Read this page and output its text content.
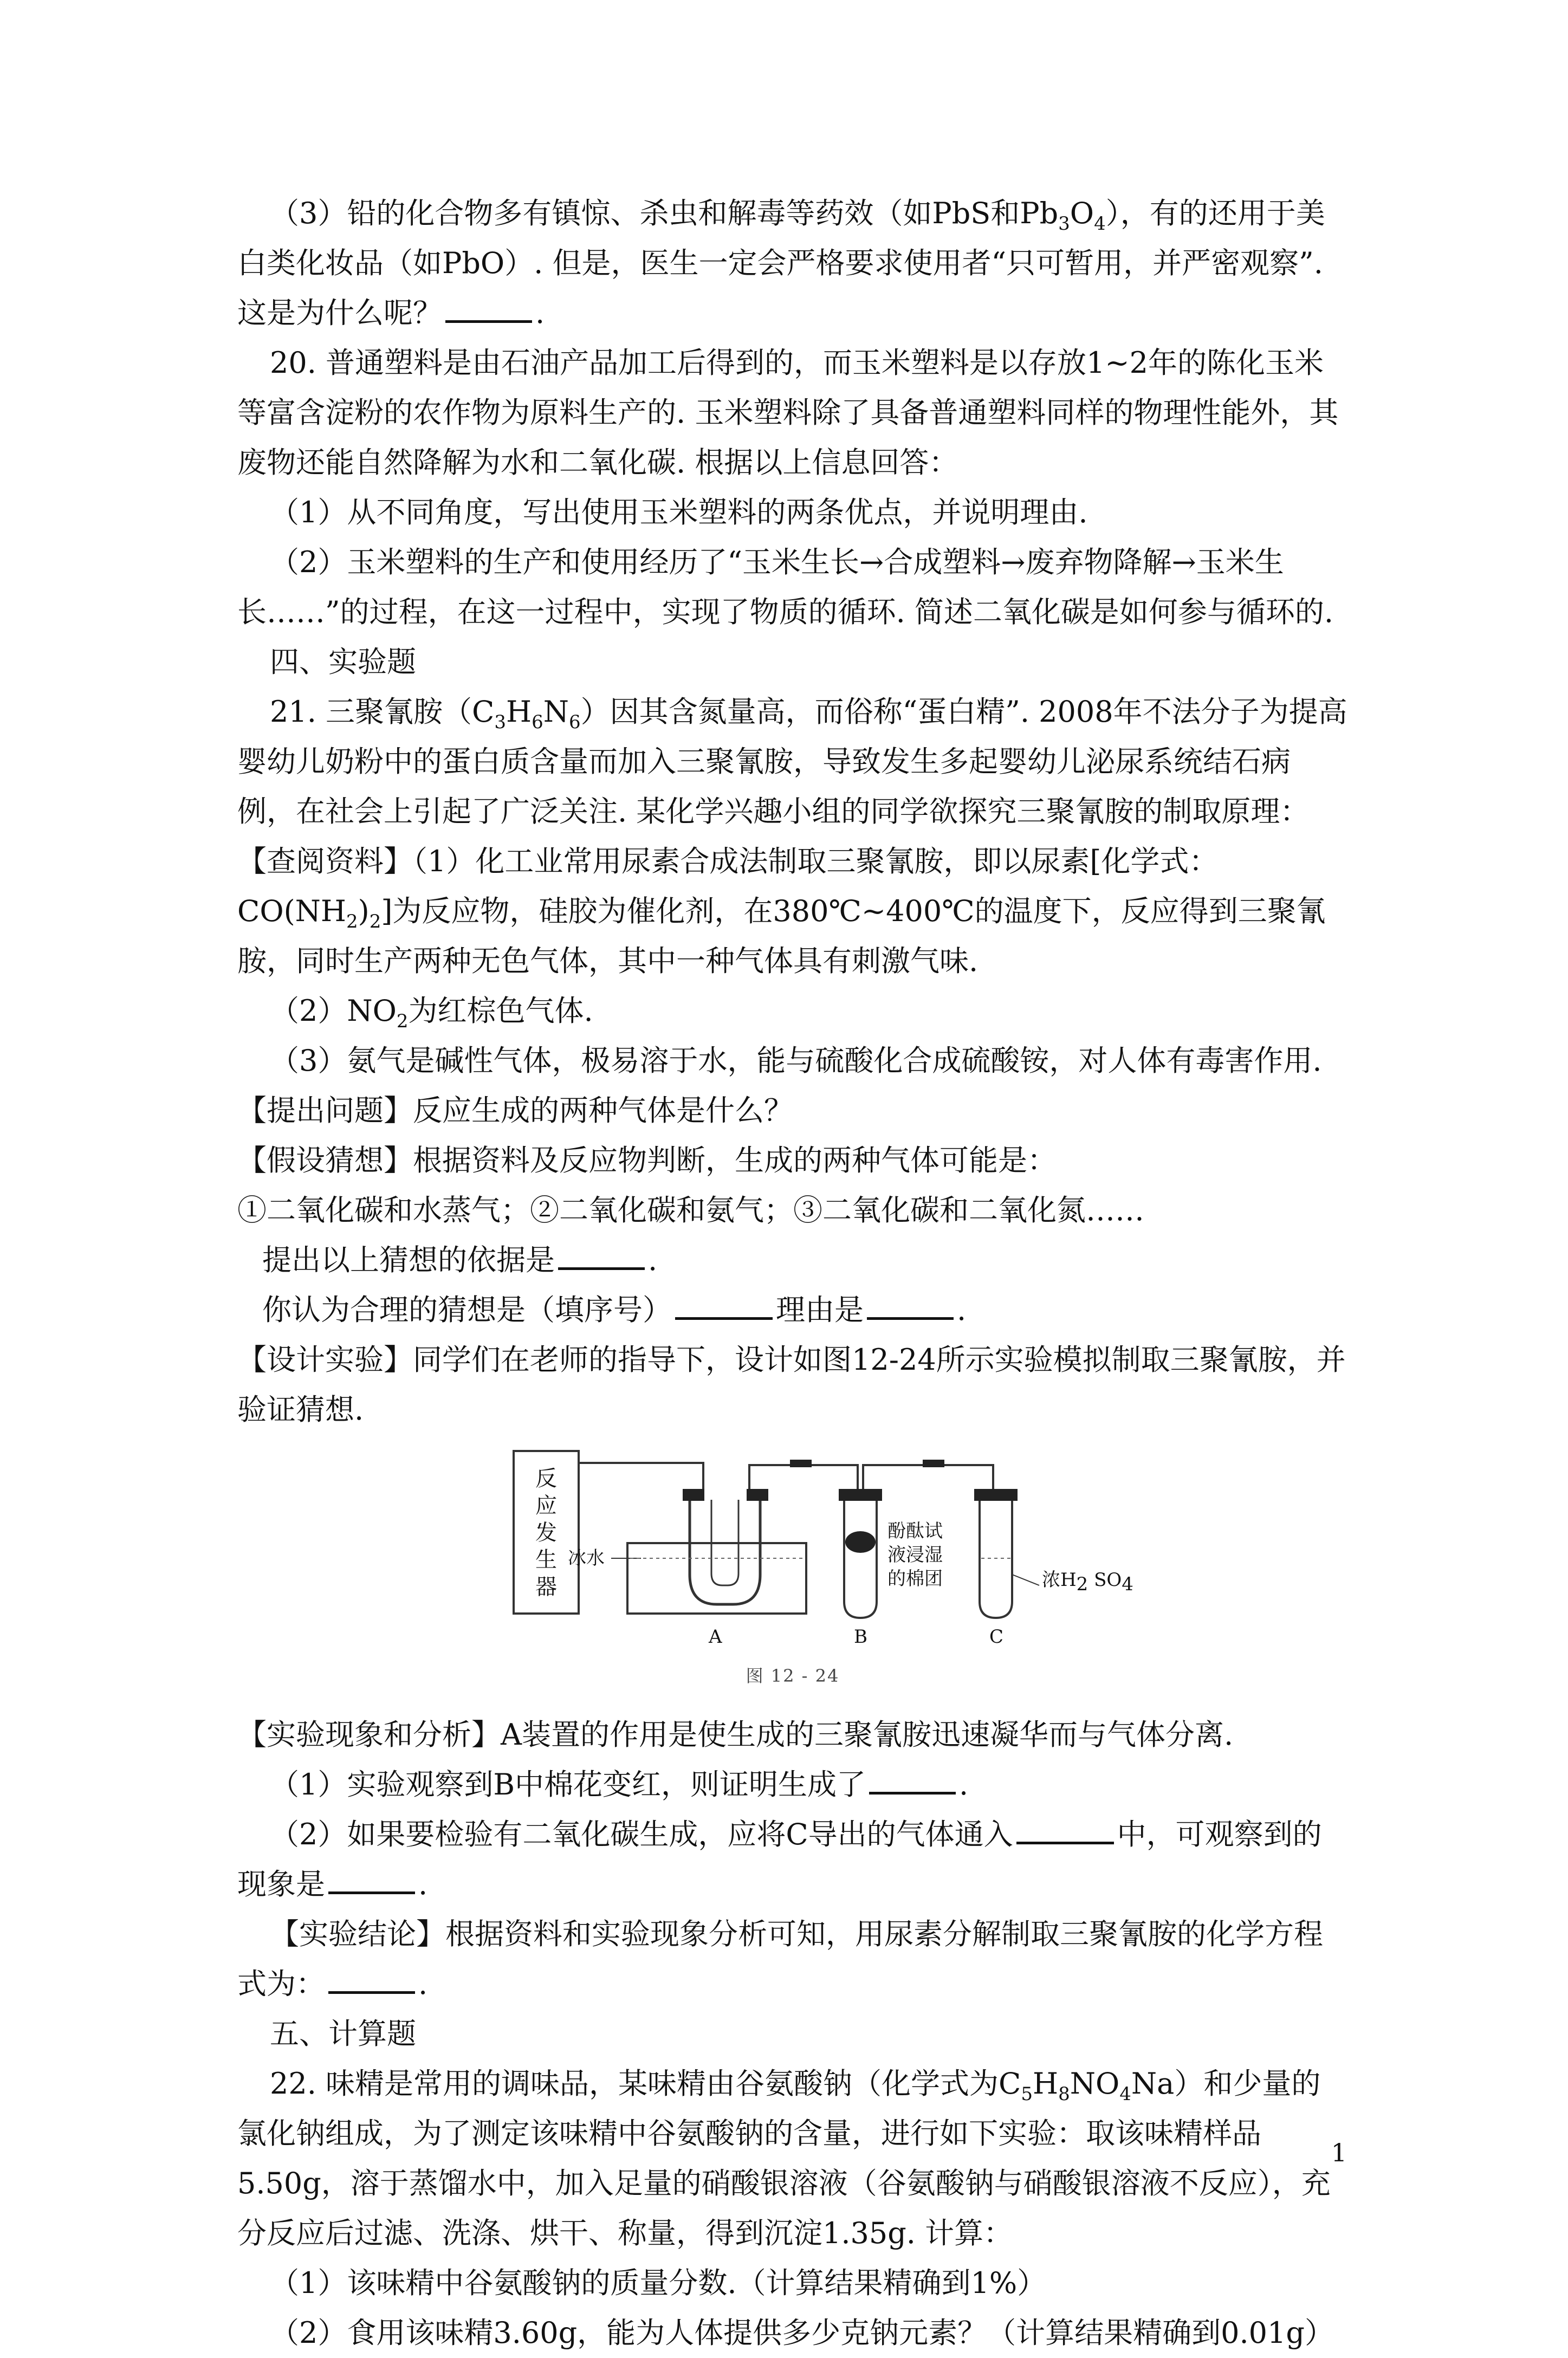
（3）铅的化合物多有镇惊、杀虫和解毒等药效（如PbS和$Pb_3O_4$），有的还用于美白类化妆品（如PbO）. 但是，医生一定会严格要求使用者“只可暂用，并严密观察”. 这是为什么呢？	.

20. 普通塑料是由石油产品加工后得到的，而玉米塑料是以存放1~2年的陈化玉米等富含淀粉的农作物为原料生产的. 玉米塑料除了具备普通塑料同样的物理性能外，其废物还能自然降解为水和二氧化碳. 根据以上信息回答：

（1）从不同角度，写出使用玉米塑料的两条优点，并说明理由.

（2）玉米塑料的生产和使用经历了“玉米生长→合成塑料→废弃物降解→玉米生长……”的过程，在这一过程中，实现了物质的循环. 简述二氧化碳是如何参与循环的.

四、实验题

21. 三聚氰胺$(C_3H_6N_6)$因其含氮量高，而俗称“蛋白精”. 2008年不法分子为提高婴幼儿奶粉中的蛋白质含量而加入三聚氰胺，导致发生多起婴幼儿泌尿系统结石病例，在社会上引起了广泛关注. 某化学兴趣小组的同学欲探究三聚氰胺的制取原理：

【查阅资料】（1）化工业常用尿素合成法制取三聚氰胺，即以尿素[化学式：$CO(NH_2)_2$]为反应物，硅胶为催化剂，在380℃~400℃的温度下，反应得到三聚氰胺，同时生产两种无色气体，其中一种气体具有刺激气味.

$(2)NO_2$为红棕色气体.

（3）氨气是碱性气体，极易溶于水，能与硫酸化合成硫酸铵，对人体有毒害作用.

【提出问题】反应生成的两种气体是什么？

【假设猜想】根据资料及反应物判断，生成的两种气体可能是：

①二氧化碳和水蒸气；②二氧化碳和氨气；③二氧化碳和二氧化氮……

提出以上猜想的依据是	.

你认为合理的猜想是（填序号）	理由是	.

【设计实验】同学们在老师的指导下，设计如图12-24所示实验模拟制取三聚氰胺，并验证猜想.

反应发生器
冰水
酚酞试液浸湿的棉团	浓$H_2$ $SO_4$
A	B	C
图 12 - 24

【实验现象和分析】A装置的作用是使生成的三聚氰胺迅速凝华而与气体分离.

（1）实验观察到B中棉花变红，则证明生成了	.

（2）如果要检验有二氧化碳生成，应将C导出的气体通入	中，可观察到的现象是	.

【实验结论】根据资料和实验现象分析可知，用尿素分解制取三聚氰胺的化学方程式为：	.

五、计算题

22. 味精是常用的调味品，某味精由谷氨酸钠（化学式为$C_5H_8NO_4Na$）和少量的氯化钠组成，为了测定该味精中谷氨酸钠的含量，进行如下实验：取该味精样品5.50g，溶于蒸馏水中，加入足量的硝酸银溶液（谷氨酸钠与硝酸银溶液不反应），充分反应后过滤、洗涤、烘干、称量，得到沉淀1.35g. 计算：

（1）该味精中谷氨酸钠的质量分数.（计算结果精确到1%）

（2）食用该味精3.60g，能为人体提供多少克钠元素？（计算结果精确到0.01g）

1
